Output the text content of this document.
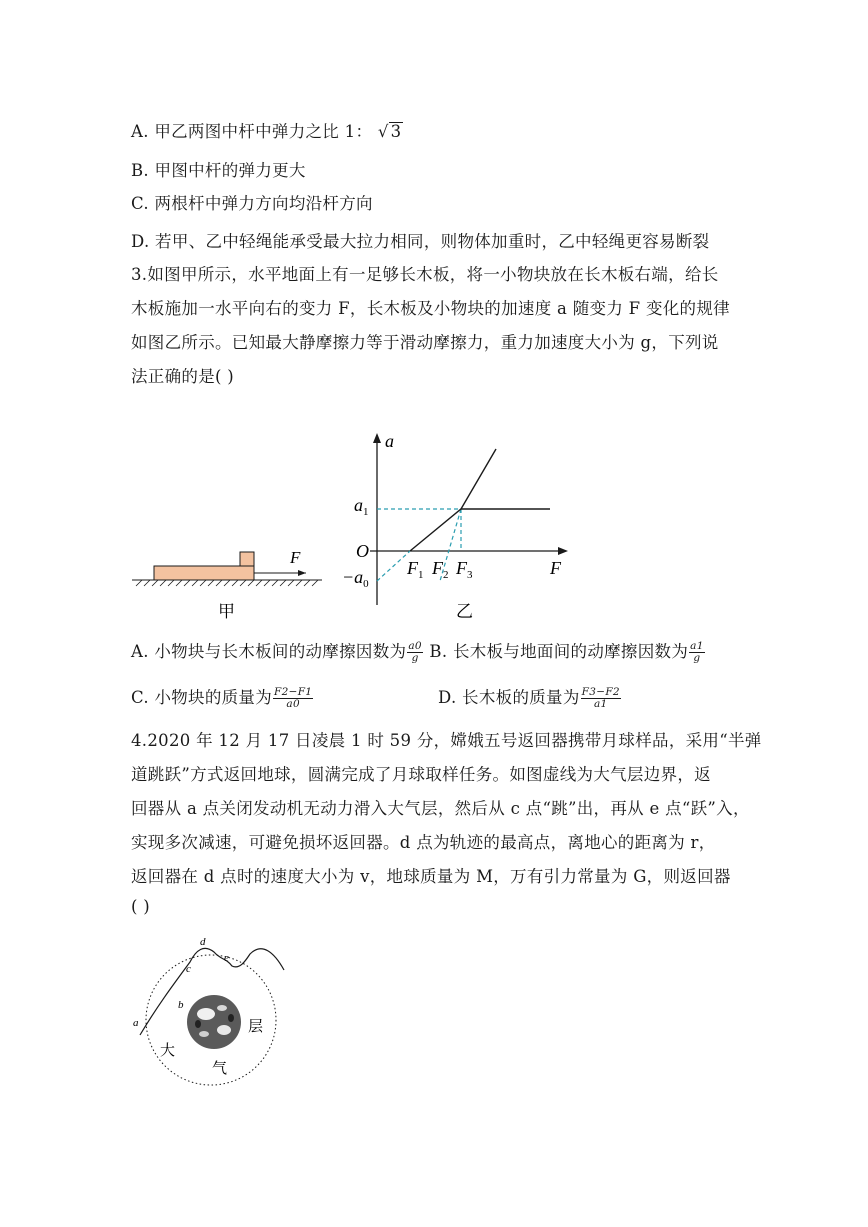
A. 甲乙两图中杆中弹力之比 1： √ 3
B. 甲图中杆的弹力更大
C. 两根杆中弹力方向均沿杆方向
D. 若甲、乙中轻绳能承受最大拉力相同，则物体加重时，乙中轻绳更容易断裂
3.如图甲所示，水平地面上有一足够长木板，将一小物块放在长木板右端，给长
木板施加一水平向右的变力 F，长木板及小物块的加速度 a 随变力 F 变化的规律
如图乙所示。已知最大静摩擦力等于滑动摩擦力，重力加速度大小为 g，下列说
法正确的是( )
F
甲
a
F
O
$a_1$
$-a_0$
$F_1$ $F_2$ $F_3$
乙
A. 小物块与长木板间的动摩擦因数为 $\frac{a0}{g} B$. 长木板与地面间的动摩擦因数为 $\frac{a1}{g}$
C. 小物块的质量为 $\frac{F2-F1}{a0}$	D. 长木板的质量为 $\frac{F3-F2}{a1}$
4.2020 年 12 月 17 日凌晨 1 时 59 分，嫦娥五号返回器携带月球样品，采用“半弹
道跳跃”方式返回地球，圆满完成了月球取样任务。如图虚线为大气层边界，返
回器从 a 点关闭发动机无动力滑入大气层，然后从 c 点“跳”出，再从 e 点“跃”入，
实现多次减速，可避免损坏返回器。d 点为轨迹的最高点，离地心的距离为 r，
返回器在 d 点时的速度大小为 v，地球质量为 M，万有引力常量为 G，则返回器
( )
a
b
c
d
e
大
气
层
